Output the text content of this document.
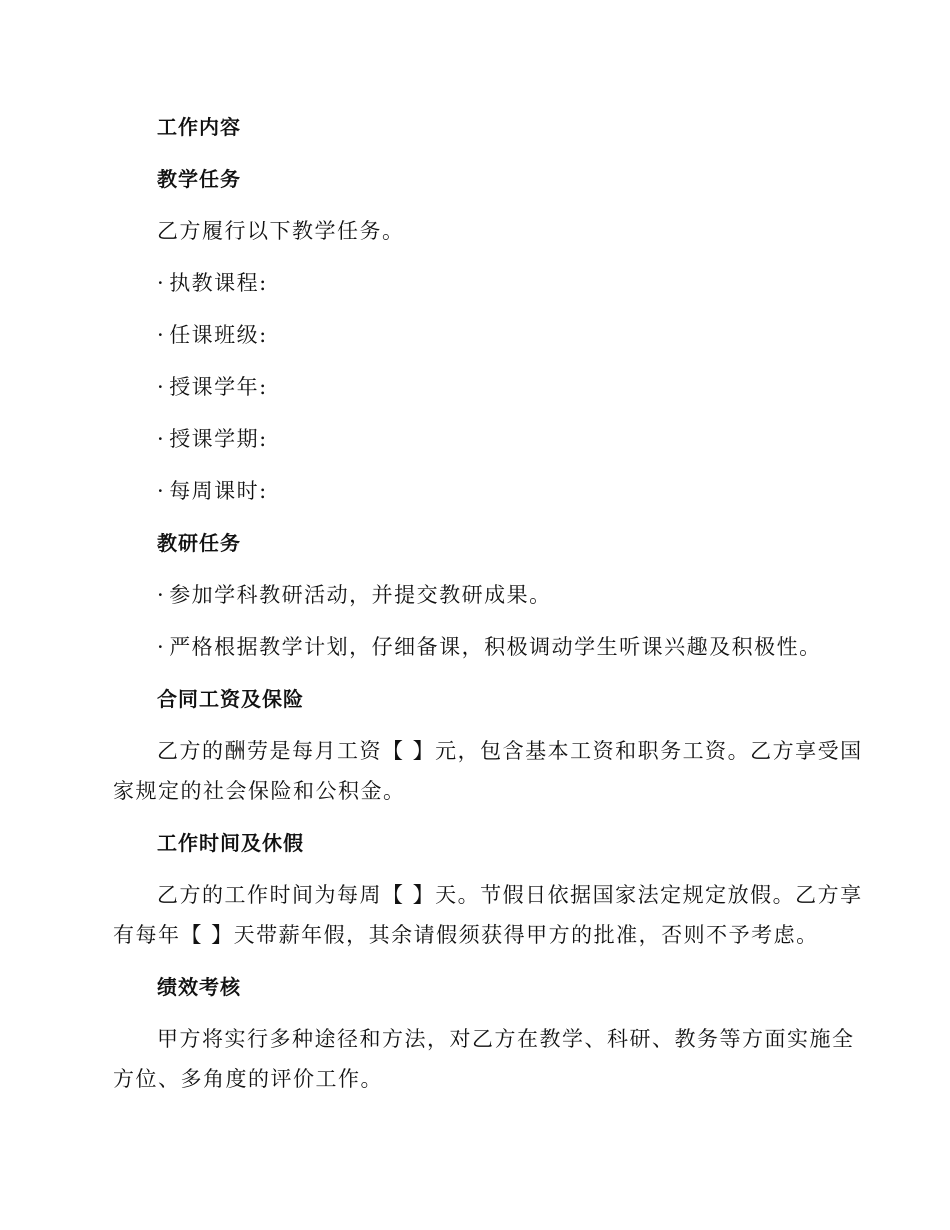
工作内容
教学任务
乙方履行以下教学任务。
· 执教课程:
· 任课班级:
· 授课学年:
· 授课学期:
· 每周课时:
教研任务
· 参加学科教研活动，并提交教研成果。
· 严格根据教学计划，仔细备课，积极调动学生听课兴趣及积极性。
合同工资及保险
乙方的酬劳是每月工资【 】元，包含基本工资和职务工资。乙方享受国
家规定的社会保险和公积金。
工作时间及休假
乙方的工作时间为每周【 】天。节假日依据国家法定规定放假。乙方享
有每年【 】天带薪年假，其余请假须获得甲方的批准，否则不予考虑。
绩效考核
甲方将实行多种途径和方法，对乙方在教学、科研、教务等方面实施全
方位、多角度的评价工作。
